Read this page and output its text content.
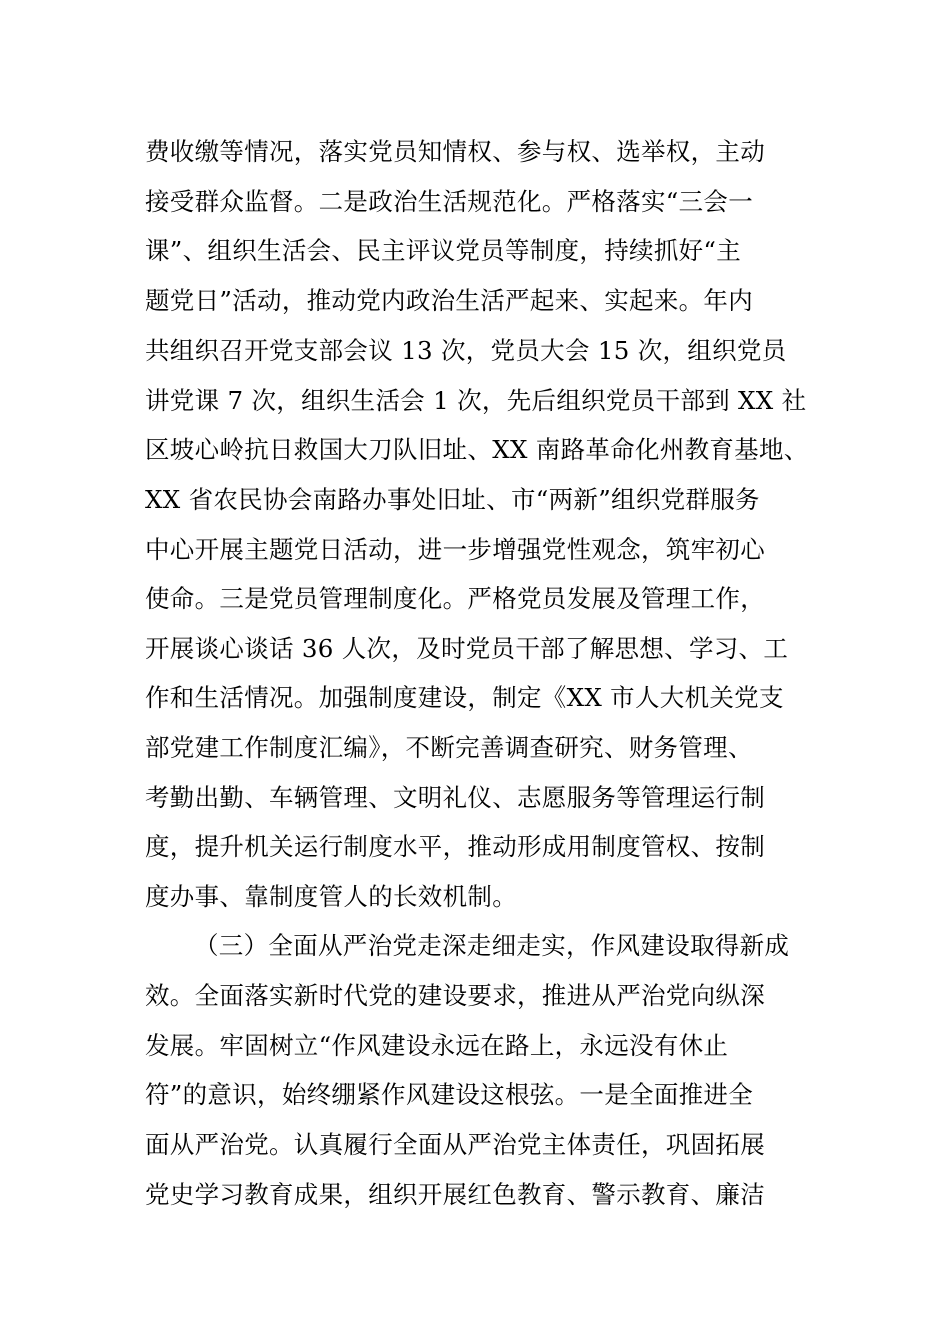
费收缴等情况，落实党员知情权、参与权、选举权，主动
接受群众监督。二是政治生活规范化。严格落实“三会一
课”、组织生活会、民主评议党员等制度，持续抓好“主
题党日”活动，推动党内政治生活严起来、实起来。年内
共组织召开党支部会议 13 次，党员大会 15 次，组织党员
讲党课 7 次，组织生活会 1 次，先后组织党员干部到 XX 社
区坡心岭抗日救国大刀队旧址、XX 南路革命化州教育基地、
XX 省农民协会南路办事处旧址、市“两新”组织党群服务
中心开展主题党日活动，进一步增强党性观念，筑牢初心
使命。三是党员管理制度化。严格党员发展及管理工作，
开展谈心谈话 36 人次，及时党员干部了解思想、学习、工
作和生活情况。加强制度建设，制定《XX 市人大机关党支
部党建工作制度汇编》，不断完善调查研究、财务管理、
考勤出勤、车辆管理、文明礼仪、志愿服务等管理运行制
度，提升机关运行制度水平，推动形成用制度管权、按制
度办事、靠制度管人的长效机制。
（三）全面从严治党走深走细走实，作风建设取得新成
效。全面落实新时代党的建设要求，推进从严治党向纵深
发展。牢固树立“作风建设永远在路上，永远没有休止
符”的意识，始终绷紧作风建设这根弦。一是全面推进全
面从严治党。认真履行全面从严治党主体责任，巩固拓展
党史学习教育成果，组织开展红色教育、警示教育、廉洁
